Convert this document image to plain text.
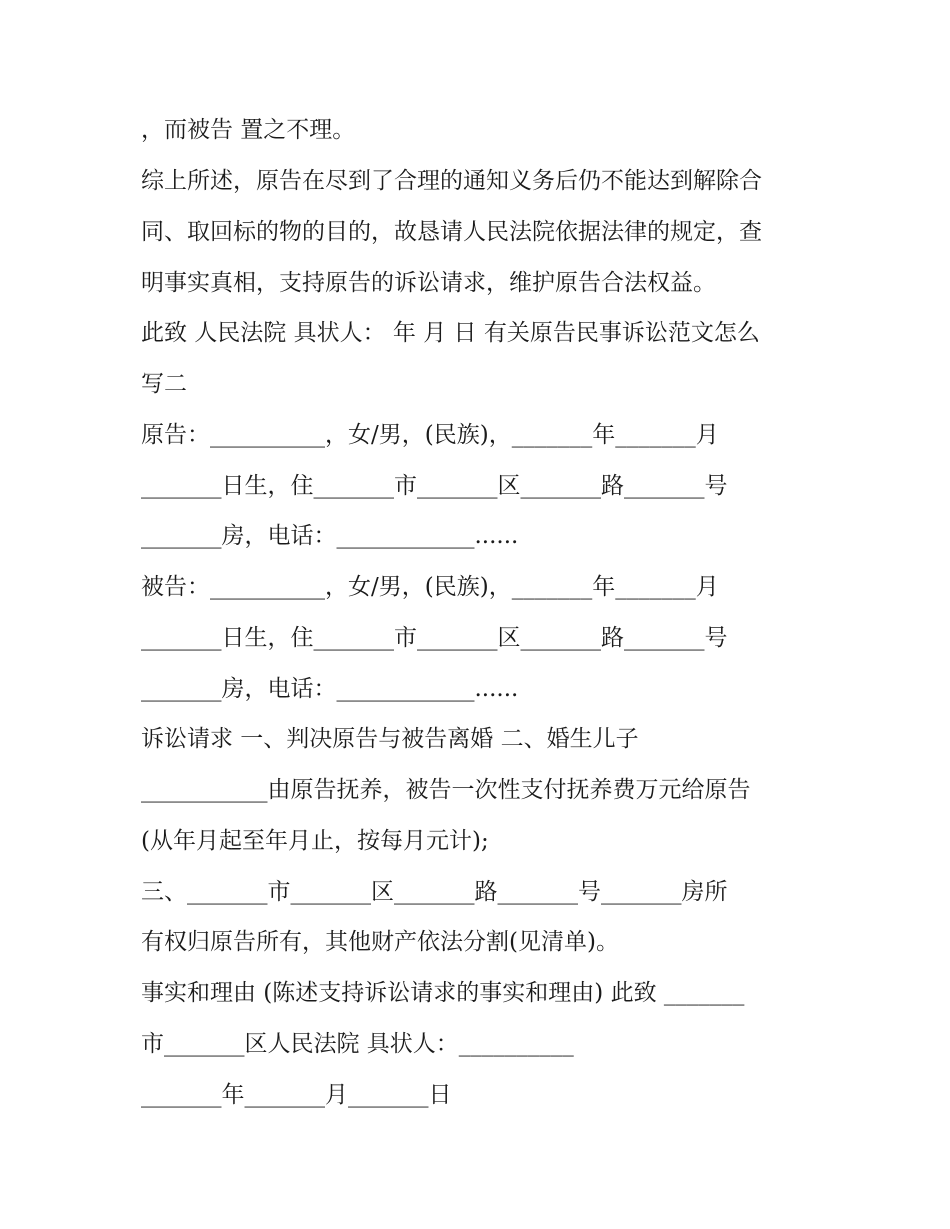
，而被告 置之不理。
综上所述，原告在尽到了合理的通知义务后仍不能达到解除合
同、取回标的物的目的，故恳请人民法院依据法律的规定，查
明事实真相，支持原告的诉讼请求，维护原告合法权益。
此致 人民法院 具状人： 年 月 日 有关原告民事诉讼范文怎么
写二
原告：__________，女/男，(民族)，_______年_______月
_______日生，住_______市_______区_______路_______号
_______房，电话：____________......
被告：__________，女/男，(民族)，_______年_______月
_______日生，住_______市_______区_______路_______号
_______房，电话：____________......
诉讼请求 一、判决原告与被告离婚 二、婚生儿子
___________由原告抚养，被告一次性支付抚养费万元给原告
(从年月起至年月止，按每月元计);
三、_______市_______区_______路_______号_______房所
有权归原告所有，其他财产依法分割(见清单)。
事实和理由 (陈述支持诉讼请求的事实和理由) 此致 _______
市_______区人民法院 具状人：__________
_______年_______月_______日
